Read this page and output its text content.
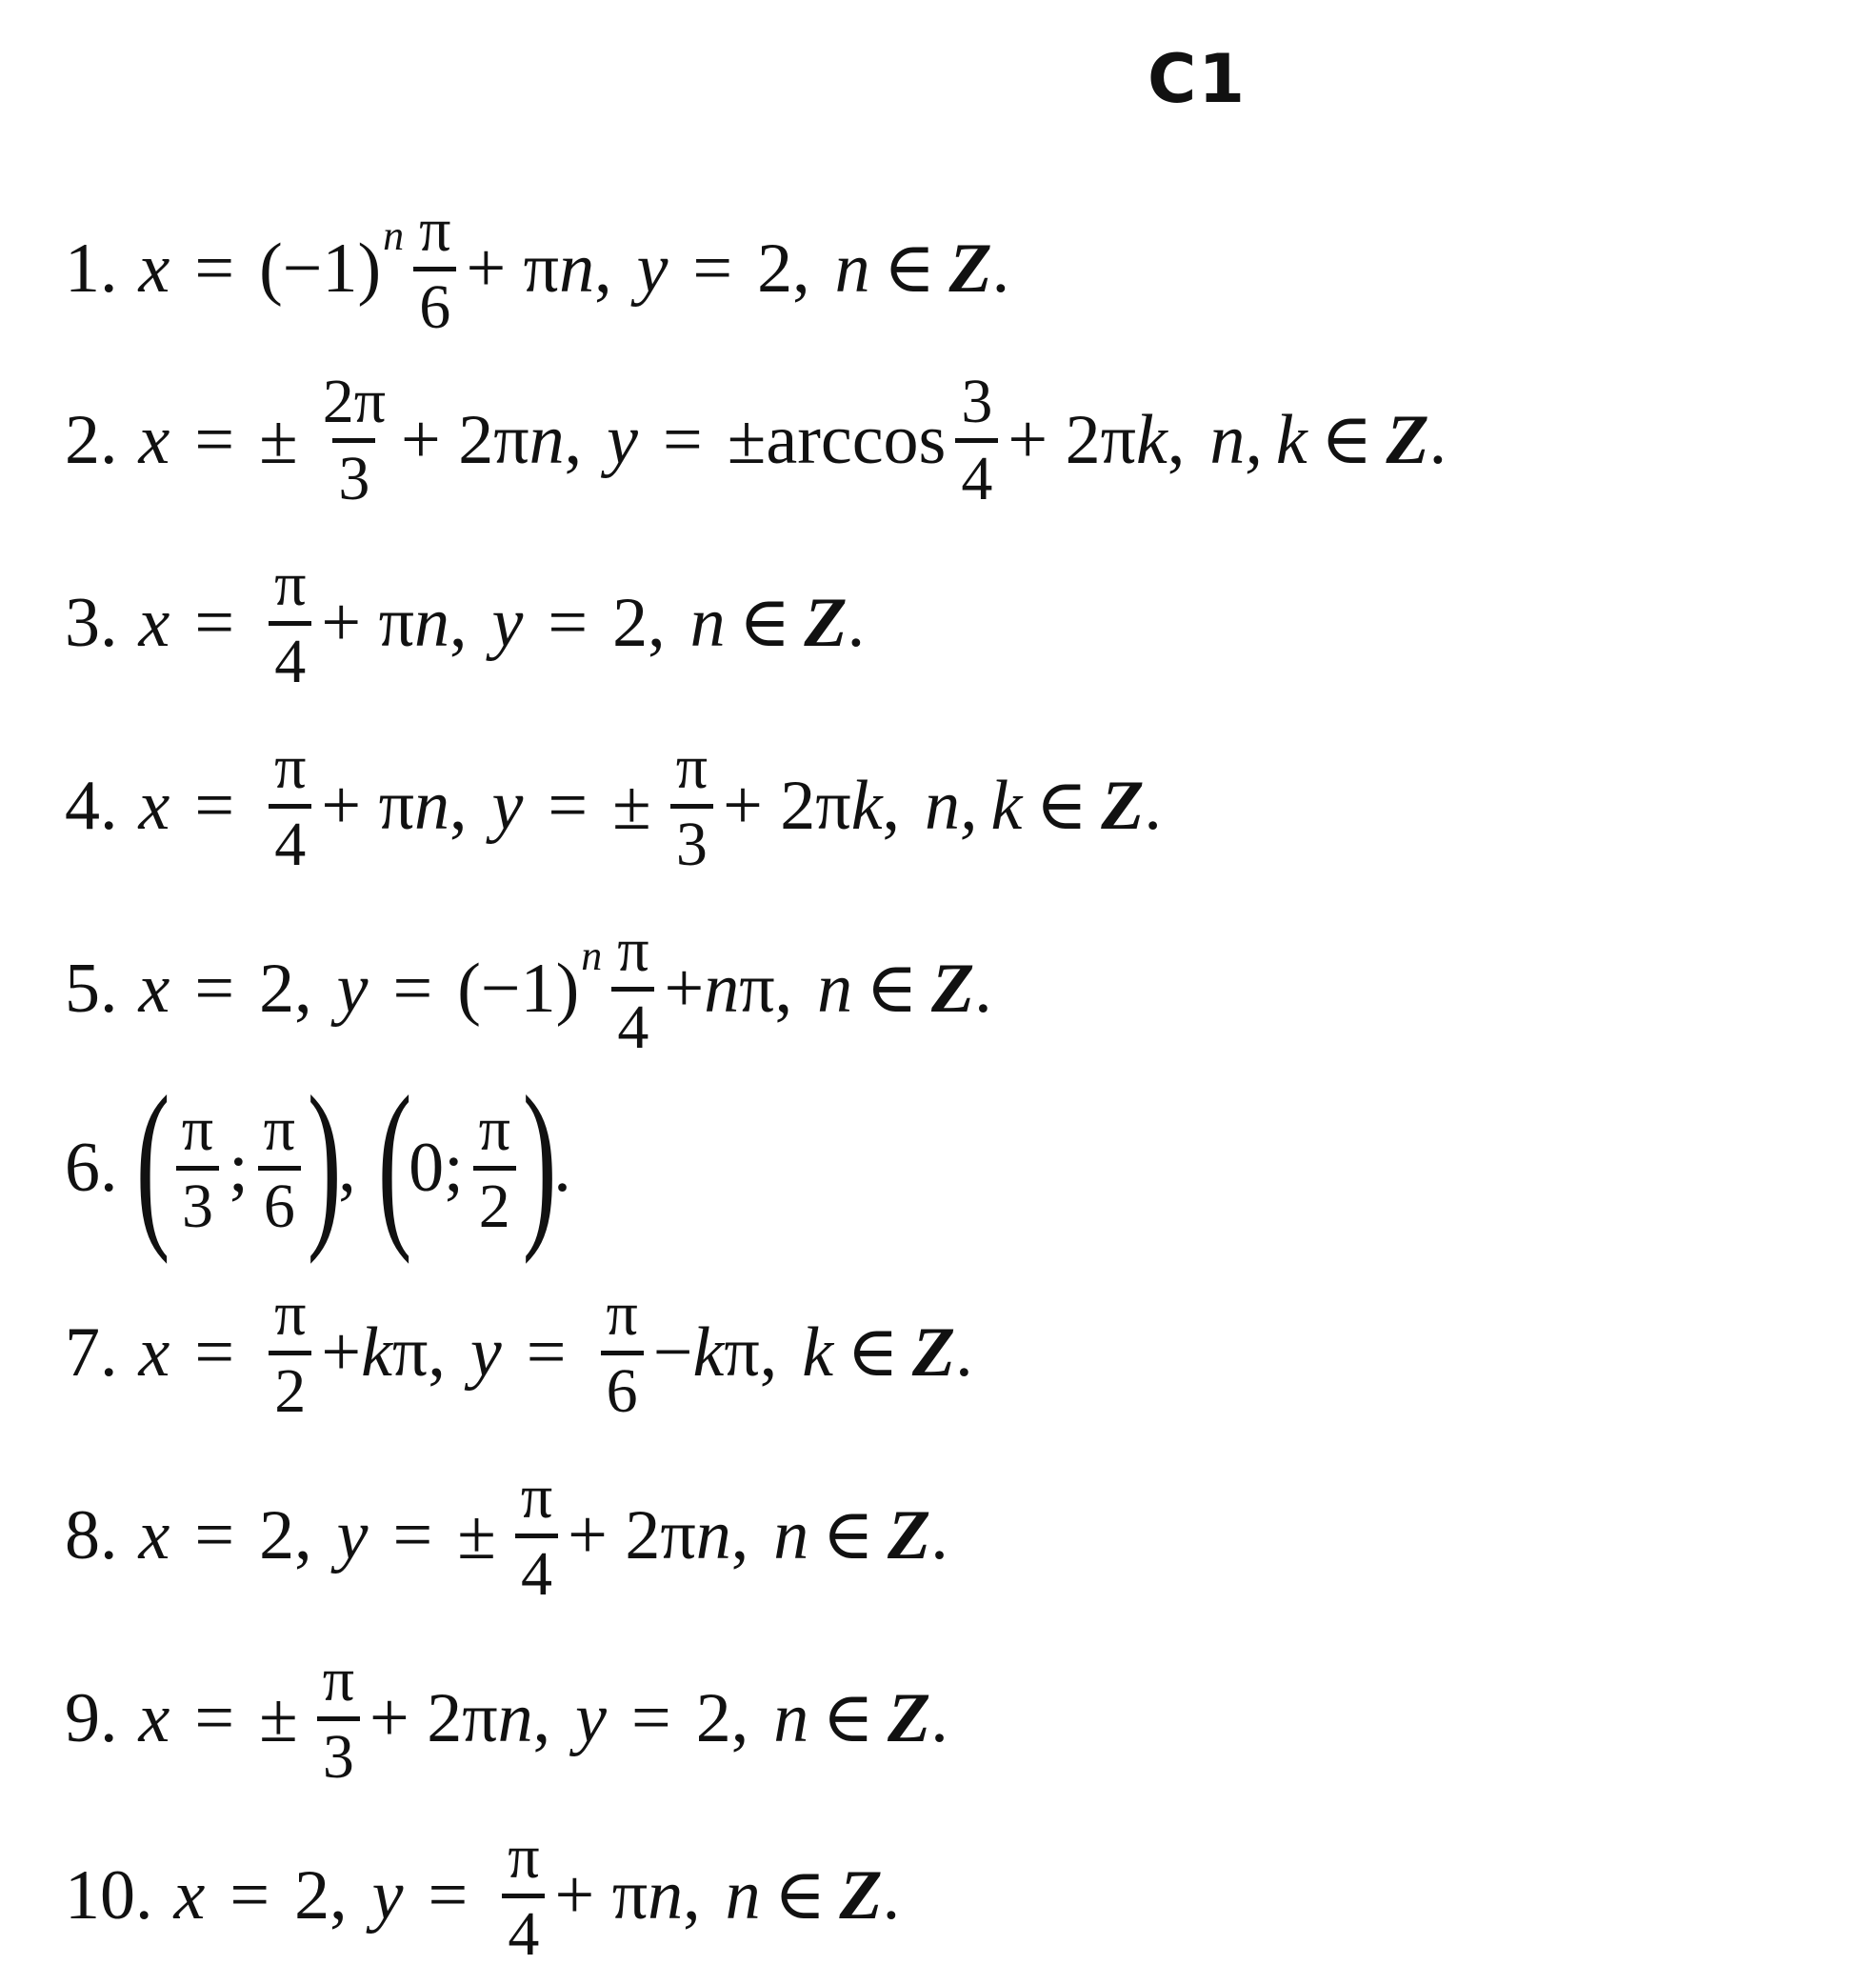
C1
1. x = (−1) n $\frac{\pi}{6} + \pi$ n , y = 2, n ∈ Z .
2. x = ± $\frac{2\pi}{3} + 2\pi$ n , y = ± $\arccos \frac{3}{4} + 2\pi$ k , n, k ∈ Z .
3. $x = \frac{\pi}{4} + \pi$ n , y = 2, n ∈ Z .
4. $x = \frac{\pi}{4} + \pi$ n , y = ± $\frac{\pi}{3} + 2\pi$ k , n, k ∈ Z .
5. x = 2, y = (−1) n $\frac{\pi}{4} + n$ π, n ∈ Z .
6. ( $\frac{\pi}{3}$ ; $\frac{\pi}{6}$ )
, (
0; $\frac{\pi}{2}$ )
.
7. $x = \frac{\pi}{2} + k$ π, $y = \frac{\pi}{6} - k$ π, k ∈ Z .
8. x = 2, y = ± $\frac{\pi}{4} + 2\pi$ n , n ∈ Z .
9. x = ± $\frac{\pi}{3} + 2\pi$ n , y = 2, n ∈ Z .
10. x = 2, $y = \frac{\pi}{4} + \pi$ n , n ∈ Z .
